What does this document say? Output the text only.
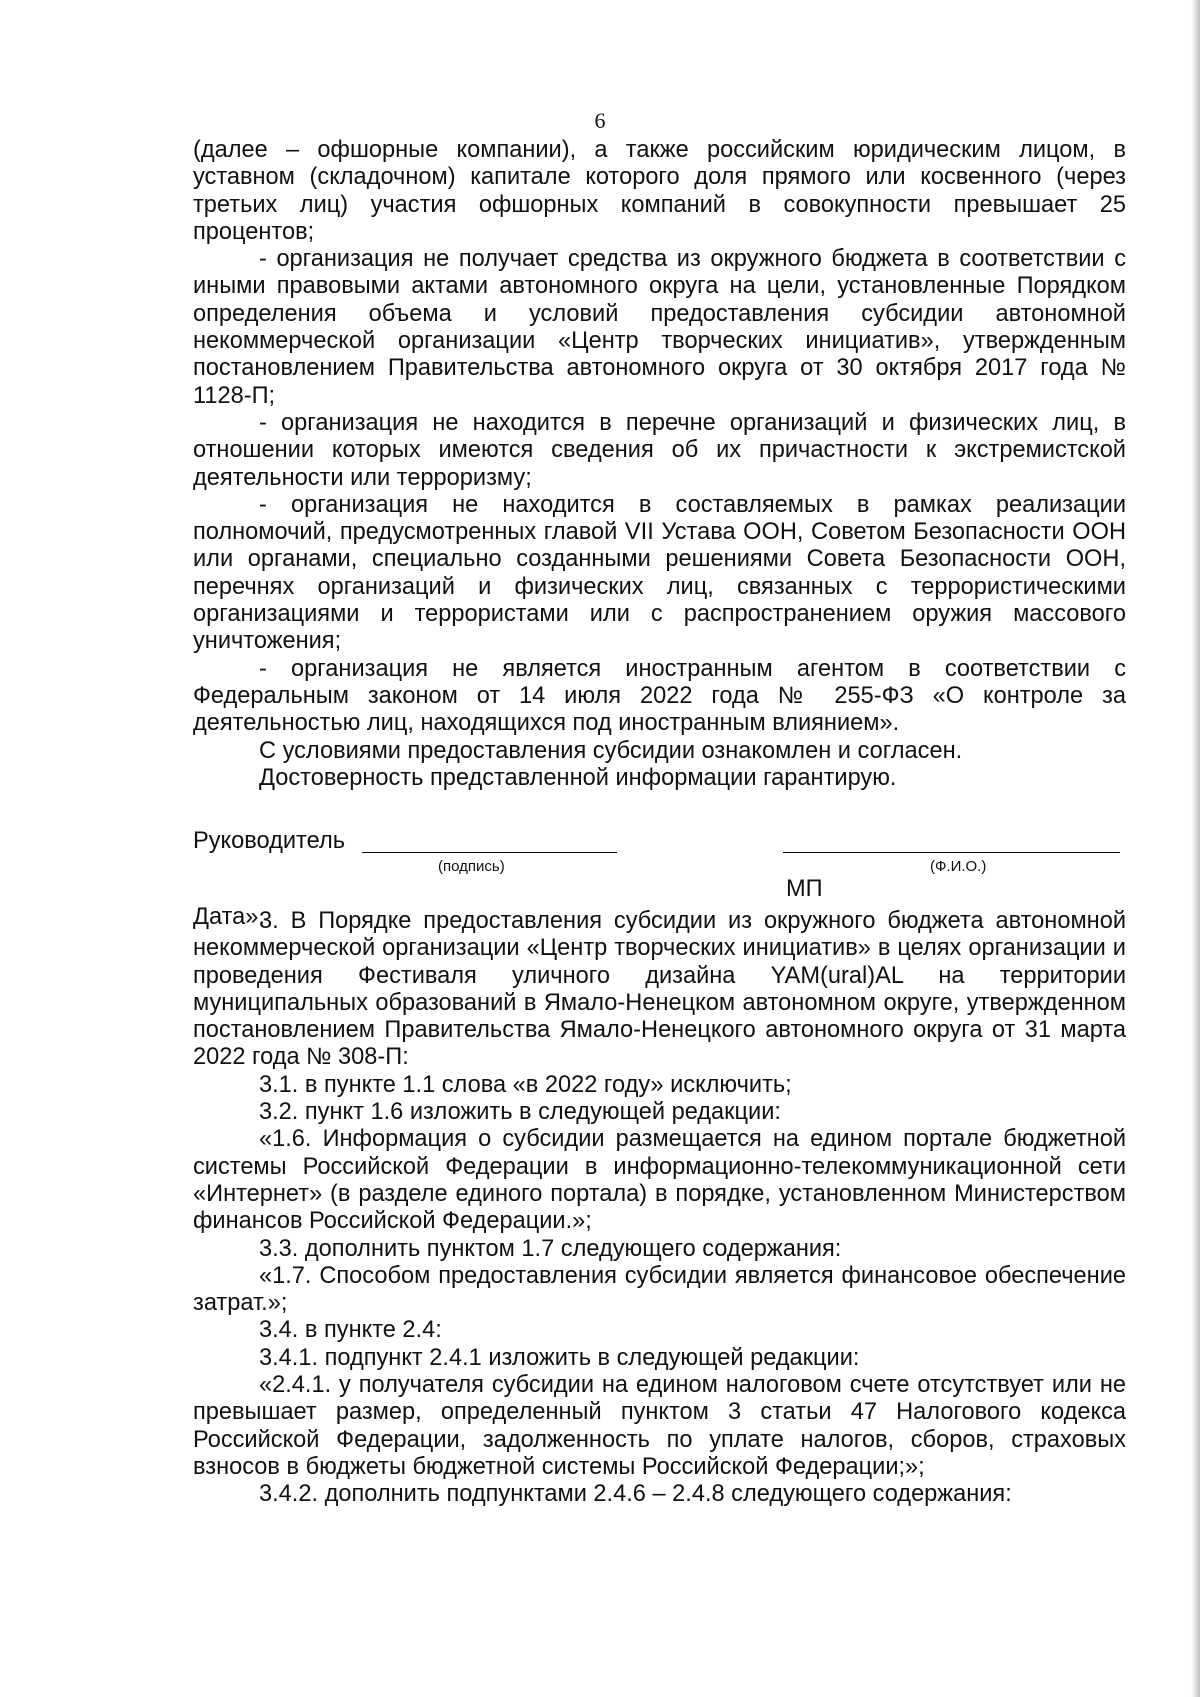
6

(далее – офшорные компании), а также российским юридическим лицом, в уставном (складочном) капитале которого доля прямого или косвенного (через третьих лиц) участия офшорных компаний в совокупности превышает 25 процентов;

- организация не получает средства из окружного бюджета в соответствии с иными правовыми актами автономного округа на цели, установленные Порядком определения объема и условий предоставления субсидии автономной некоммерческой организации «Центр творческих инициатив», утвержденным постановлением Правительства автономного округа от 30 октября 2017 года № 1128-П;

- организация не находится в перечне организаций и физических лиц, в отношении которых имеются сведения об их причастности к экстремистской деятельности или терроризму;

- организация не находится в составляемых в рамках реализации полномочий, предусмотренных главой VII Устава ООН, Советом Безопасности ООН или органами, специально созданными решениями Совета Безопасности ООН, перечнях организаций и физических лиц, связанных с террористическими организациями и террористами или с распространением оружия массового уничтожения;

- организация не является иностранным агентом в соответствии с Федеральным законом от 14 июля 2022 года № 255-ФЗ «О контроле за деятельностью лиц, находящихся под иностранным влиянием».

С условиями предоставления субсидии ознакомлен и согласен.

Достоверность представленной информации гарантирую.

Руководитель
(подпись)	(Ф.И.О.)
МП
Дата».

3. В Порядке предоставления субсидии из окружного бюджета автономной некоммерческой организации «Центр творческих инициатив» в целях организации и проведения Фестиваля уличного дизайна YAM(ural)AL на территории муниципальных образований в Ямало-Ненецком автономном округе, утвержденном постановлением Правительства Ямало-Ненецкого автономного округа от 31 марта 2022 года № 308-П:

3.1. в пункте 1.1 слова «в 2022 году» исключить;

3.2. пункт 1.6 изложить в следующей редакции:

«1.6. Информация о субсидии размещается на едином портале бюджетной системы Российской Федерации в информационно-телекоммуникационной сети «Интернет» (в разделе единого портала) в порядке, установленном Министерством финансов Российской Федерации.»;

3.3. дополнить пунктом 1.7 следующего содержания:

«1.7. Способом предоставления субсидии является финансовое обеспечение затрат.»;

3.4. в пункте 2.4:

3.4.1. подпункт 2.4.1 изложить в следующей редакции:

«2.4.1. у получателя субсидии на едином налоговом счете отсутствует или не превышает размер, определенный пунктом 3 статьи 47 Налогового кодекса Российской Федерации, задолженность по уплате налогов, сборов, страховых взносов в бюджеты бюджетной системы Российской Федерации;»;

3.4.2. дополнить подпунктами 2.4.6 – 2.4.8 следующего содержания:
